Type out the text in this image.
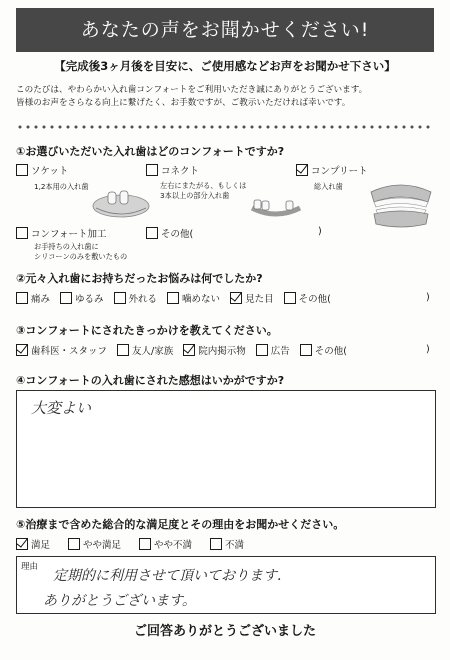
あなたの声をお聞かせください!
【完成後3ヶ月後を目安に、ご使用感などお声をお聞かせ下さい】
このたびは、やわらかい入れ歯コンフォートをご利用いただき誠にありがとうございます。
皆様のお声をさらなる向上に繋げたく、お手数ですが、ご教示いただければ幸いです。
①お選びいただいた入れ歯はどのコンフォートですか?
ソケット
1,2本用の入れ歯
コネクト
左右にまたがる、もしくは
3本以上の部分入れ歯
コンプリート
総入れ歯
コンフォート加工
お手持ちの入れ歯に
シリコーンのみを敷いたもの
その他(	)
②元々入れ歯にお持ちだったお悩みは何でしたか?
痛み	ゆるみ	外れる	噛めない	見た目	その他(	)
③コンフォートにされたきっかけを教えてください。
歯科医・スタッフ	友人/家族	院内掲示物	広告	その他(	)
④コンフォートの入れ歯にされた感想はいかがですか?
大変よい
⑤治療まで含めた総合的な満足度とその理由をお聞かせください。
満足	やや満足	やや不満	不満
理由
定期的に利用させて頂いております.
ありがとうございます。
ご回答ありがとうございました
